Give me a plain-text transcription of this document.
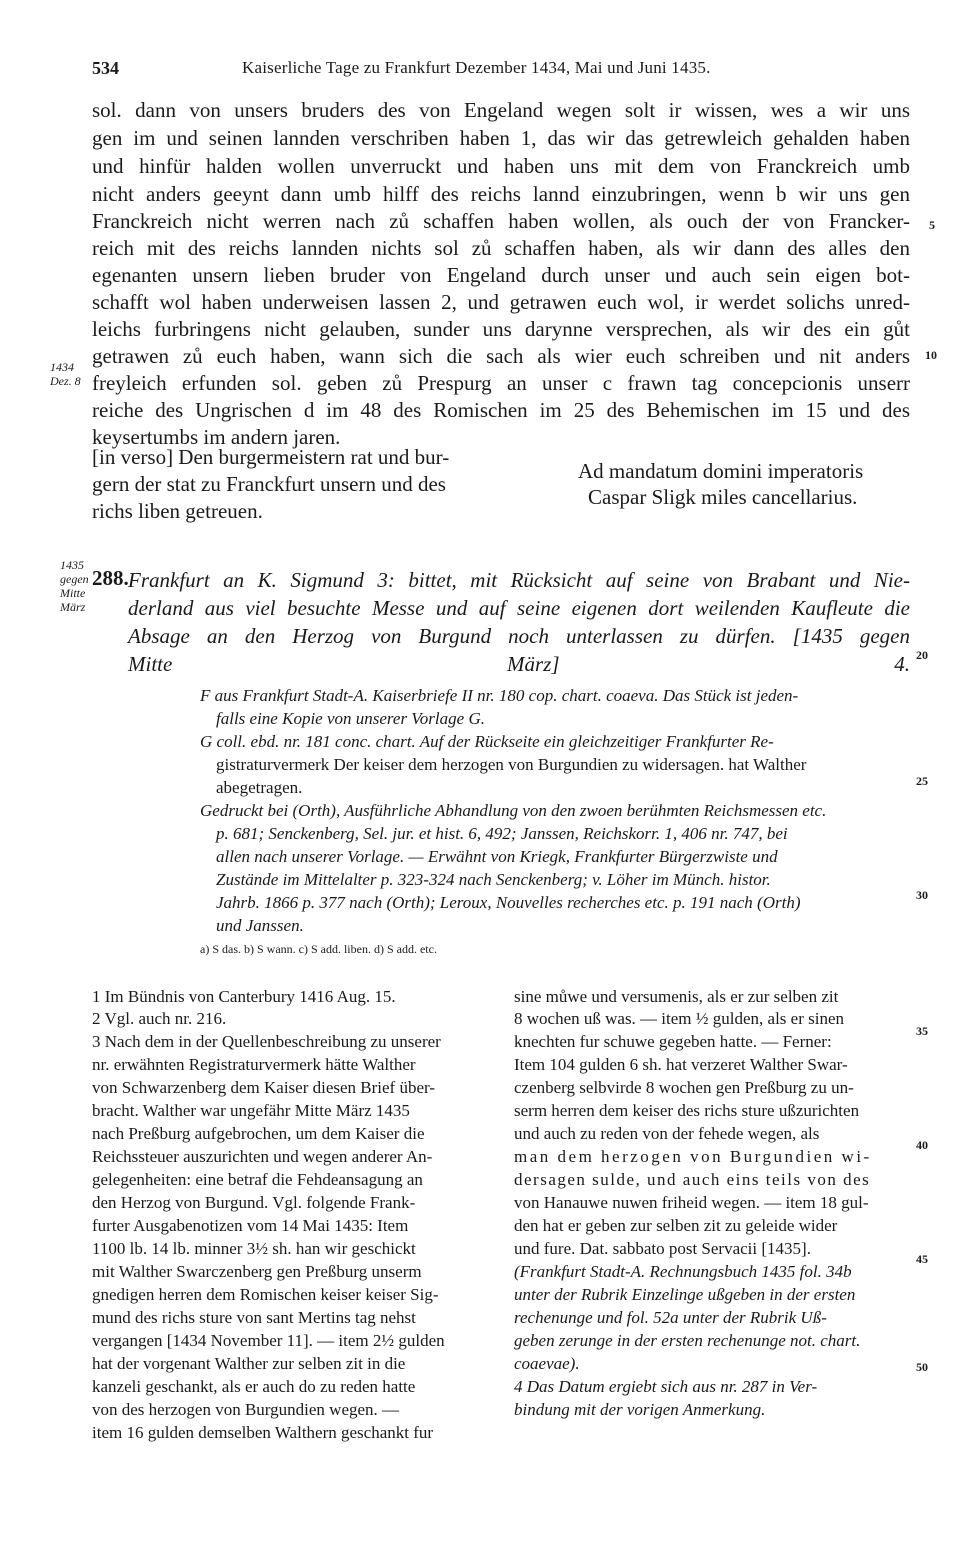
534	Kaiserliche Tage zu Frankfurt Dezember 1434, Mai und Juni 1435.
sol. dann von unsers bruders des von Engeland wegen solt ir wissen, wes a wir uns
gen im und seinen lannden verschriben haben 1, das wir das getrewleich gehalden haben
und hinfür halden wollen unverruckt und haben uns mit dem von Franckreich umb
nicht anders geeynt dann umb hilff des reichs lannd einzubringen, wenn b wir uns gen
Franckreich nicht werren nach zů schaffen haben wollen, als ouch der von Francker-
reich mit des reichs lannden nichts sol zů schaffen haben, als wir dann des alles den
egenanten unsern lieben bruder von Engeland durch unser und auch sein eigen bot-
schafft wol haben underweisen lassen 2, und getrawen euch wol, ir werdet solichs unred-
leichs furbringens nicht gelauben, sunder uns darynne versprechen, als wir des ein gůt
getrawen zů euch haben, wann sich die sach als wier euch schreiben und nit anders
freyleich erfunden sol. geben zů Prespurg an unser c frawn tag concepcionis unserr
reiche des Ungrischen d im 48 des Romischen im 25 des Behemischen im 15 und des
keysertumbs im andern jaren.
5
10
1434
Dez. 8
[in verso] Den burgermeistern rat und bur-
gern der stat zu Franckfurt unsern und des
richs liben getreuen.
Ad mandatum domini imperatoris
Caspar Sligk miles cancellarius.
1435
gegen
Mitte
März
288. Frankfurt an K. Sigmund 3: bittet, mit Rücksicht auf seine von Brabant und Nie-
derland aus viel besuchte Messe und auf seine eigenen dort weilenden Kaufleute die
Absage an den Herzog von Burgund noch unterlassen zu dürfen. [1435 gegen
Mitte März] 4. 20
F aus Frankfurt Stadt-A. Kaiserbriefe II nr. 180 cop. chart. coaeva. Das Stück ist jeden-
falls eine Kopie von unserer Vorlage G.
G coll. ebd. nr. 181 conc. chart. Auf der Rückseite ein gleichzeitiger Frankfurter Re-
gistraturvermerk Der keiser dem herzogen von Burgundien zu widersagen. hat Walther
abegetragen.
Gedruckt bei (Orth), Ausführliche Abhandlung von den zwoen berühmten Reichsmessen etc.
p. 681; Senckenberg, Sel. jur. et hist. 6, 492; Janssen, Reichskorr. 1, 406 nr. 747, bei
allen nach unserer Vorlage. — Erwähnt von Kriegk, Frankfurter Bürgerzwiste und
Zustände im Mittelalter p. 323-324 nach Senckenberg; v. Löher im Münch. histor.
Jahrb. 1866 p. 377 nach (Orth); Leroux, Nouvelles recherches etc. p. 191 nach (Orth)
und Janssen.
25
30
a) S das. b) S wann. c) S add. liben. d) S add. etc.
1 Im Bündnis von Canterbury 1416 Aug. 15.
2 Vgl. auch nr. 216.
3 Nach dem in der Quellenbeschreibung zu unserer
nr. erwähnten Registraturvermerk hätte Walther
von Schwarzenberg dem Kaiser diesen Brief über-
bracht. Walther war ungefähr Mitte März 1435
nach Preßburg aufgebrochen, um dem Kaiser die
Reichssteuer auszurichten und wegen anderer An-
gelegenheiten: eine betraf die Fehdeansagung an
den Herzog von Burgund. Vgl. folgende Frank-
furter Ausgabenotizen vom 14 Mai 1435: Item
1100 lb. 14 lb. minner 3½ sh. han wir geschickt
mit Walther Swarczenberg gen Preßburg unserm
gnedigen herren dem Romischen keiser keiser Sig-
mund des richs sture von sant Mertins tag nehst
vergangen [1434 November 11]. — item 2½ gulden
hat der vorgenant Walther zur selben zit in die
kanzeli geschankt, als er auch do zu reden hatte
von des herzogen von Burgundien wegen. —
item 16 gulden demselben Walthern geschankt fur
sine můwe und versumenis, als er zur selben zit
8 wochen uß was. — item ½ gulden, als er sinen
knechten fur schuwe gegeben hatte. — Ferner:
Item 104 gulden 6 sh. hat verzeret Walther Swar-
czenberg selbvirde 8 wochen gen Preßburg zu un-
serm herren dem keiser des richs sture ußzurichten
und auch zu reden von der fehede wegen, als
man dem herzogen von Burgundien wi-
dersagen sulde, und auch eins teils von des
von Hanauwe nuwen friheid wegen. — item 18 gul-
den hat er geben zur selben zit zu geleide wider
und fure. Dat. sabbato post Servacii [1435].
(Frankfurt Stadt-A. Rechnungsbuch 1435 fol. 34b
unter der Rubrik Einzelinge ußgeben in der ersten
rechenunge und fol. 52a unter der Rubrik Uß-
geben zerunge in der ersten rechenunge not. chart.
coaevae).
4 Das Datum ergiebt sich aus nr. 287 in Ver-
bindung mit der vorigen Anmerkung.
35
40
45
50
